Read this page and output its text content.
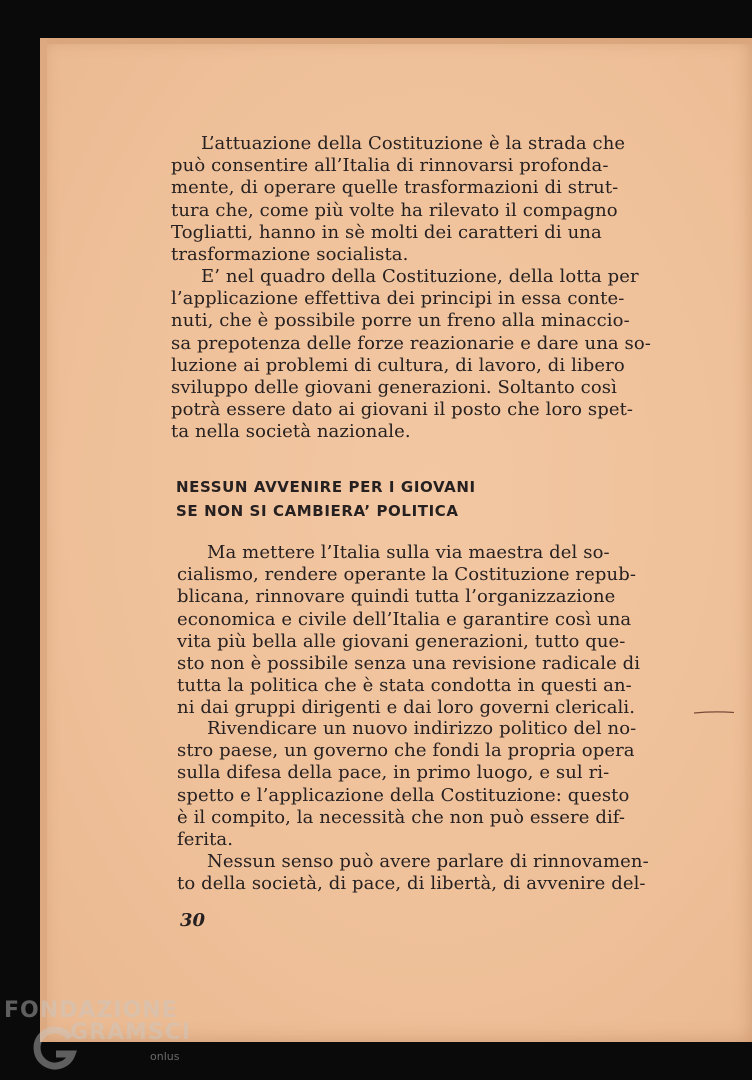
L’attuazione della Costituzione è la strada che
può consentire all’Italia di rinnovarsi profonda-
mente, di operare quelle trasformazioni di strut-
tura che, come più volte ha rilevato il compagno
Togliatti, hanno in sè molti dei caratteri di una
trasformazione socialista.
E’ nel quadro della Costituzione, della lotta per
l’applicazione effettiva dei principi in essa conte-
nuti, che è possibile porre un freno alla minaccio-
sa prepotenza delle forze reazionarie e dare una so-
luzione ai problemi di cultura, di lavoro, di libero
sviluppo delle giovani generazioni. Soltanto così
potrà essere dato ai giovani il posto che loro spet-
ta nella società nazionale.
NESSUN AVVENIRE PER I GIOVANI
SE NON SI CAMBIERA’ POLITICA
Ma mettere l’Italia sulla via maestra del so-
cialismo, rendere operante la Costituzione repub-
blicana, rinnovare quindi tutta l’organizzazione
economica e civile dell’Italia e garantire così una
vita più bella alle giovani generazioni, tutto que-
sto non è possibile senza una revisione radicale di
tutta la politica che è stata condotta in questi an-
ni dai gruppi dirigenti e dai loro governi clericali.
Rivendicare un nuovo indirizzo politico del no-
stro paese, un governo che fondi la propria opera
sulla difesa della pace, in primo luogo, e sul ri-
spetto e l’applicazione della Costituzione: questo
è il compito, la necessità che non può essere dif-
ferita.
Nessun senso può avere parlare di rinnovamen-
to della società, di pace, di libertà, di avvenire del-
30
FONDAZIONE
GRAMSCI
onlus
